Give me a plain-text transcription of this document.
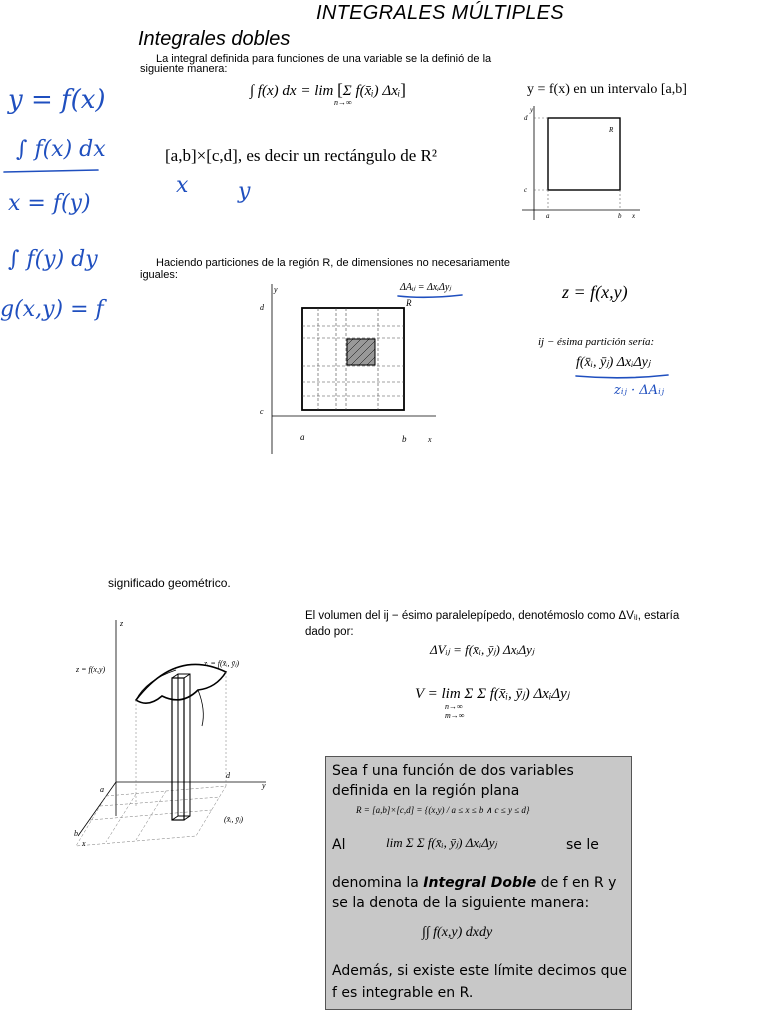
INTEGRALES MÚLTIPLES
Integrales dobles
La integral definida para funciones de una variable se la definió de la
siguiente manera:
∫ f(x) dx = lim [Σ f(x̄ᵢ) Δxᵢ]
n→∞
y = f(x) en un intervalo [a,b]
[a,b]×[c,d], es decir un rectángulo de R²
y = f(x)
∫ f(x) dx
x = f(y)
∫ f(y) dy
g(x,y) = f
x y
R
d
c
a	b x
y
Haciendo particiones de la región R, de dimensiones no necesariamente
iguales:
R
y
d
c
a	b	x
ΔAᵢⱼ = ΔxᵢΔyⱼ	z = f(x,y)
ij − ésima partición sería:
f(x̄ᵢ, ȳⱼ) ΔxᵢΔyⱼ
zᵢⱼ · ΔAᵢⱼ
significado geométrico.
z
z = f(x,y)
zᵢ = f(x̄ᵢ, ȳⱼ)
y
d
a
b
x
(x̄ᵢ, ȳⱼ)
El volumen del ij − ésimo paralelepípedo, denotémoslo como ΔVᵢⱼ, estaría
dado por:
ΔVᵢⱼ = f(x̄ᵢ, ȳⱼ) ΔxᵢΔyⱼ
V = lim Σ Σ f(x̄ᵢ, ȳⱼ) ΔxᵢΔyⱼ
n→∞
m→∞
Sea f una función de dos variables
definida en la región plana
R = [a,b]×[c,d] = {(x,y) / a ≤ x ≤ b ∧ c ≤ y ≤ d}
Al	lim Σ Σ f(x̄ᵢ, ȳⱼ) ΔxᵢΔyⱼ	se le
denomina la Integral Doble de f en R y
se la denota de la siguiente manera:
∫∫ f(x,y) dxdy
Además, si existe este límite decimos que
f es integrable en R.
